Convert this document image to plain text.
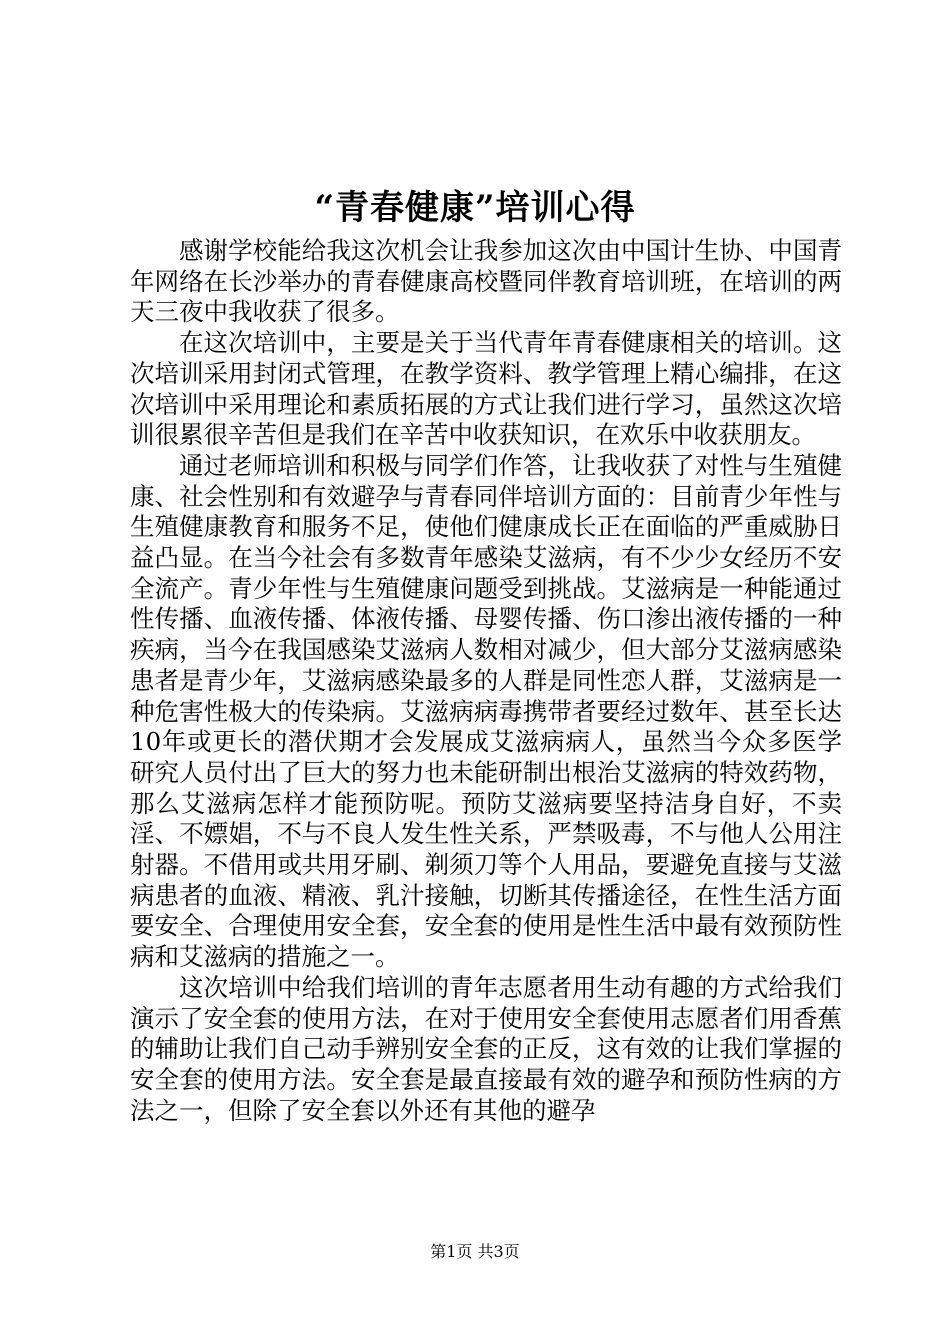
“青春健康”培训心得

感谢学校能给我这次机会让我参加这次由中国计生协、中国青年网络在长沙举办的青春健康高校暨同伴教育培训班，在培训的两天三夜中我收获了很多。

在这次培训中，主要是关于当代青年青春健康相关的培训。这次培训采用封闭式管理，在教学资料、教学管理上精心编排，在这次培训中采用理论和素质拓展的方式让我们进行学习，虽然这次培训很累很辛苦但是我们在辛苦中收获知识，在欢乐中收获朋友。

通过老师培训和积极与同学们作答，让我收获了对性与生殖健康、社会性别和有效避孕与青春同伴培训方面的：目前青少年性与生殖健康教育和服务不足，使他们健康成长正在面临的严重威胁日益凸显。在当今社会有多数青年感染艾滋病，有不少少女经历不安全流产。青少年性与生殖健康问题受到挑战。艾滋病是一种能通过性传播、血液传播、体液传播、母婴传播、伤口渗出液传播的一种疾病，当今在我国感染艾滋病人数相对减少，但大部分艾滋病感染患者是青少年，艾滋病感染最多的人群是同性恋人群，艾滋病是一种危害性极大的传染病。艾滋病病毒携带者要经过数年、甚至长达10年或更长的潜伏期才会发展成艾滋病病人，虽然当今众多医学研究人员付出了巨大的努力也未能研制出根治艾滋病的特效药物，那么艾滋病怎样才能预防呢。预防艾滋病要坚持洁身自好，不卖淫、不嫖娼，不与不良人发生性关系，严禁吸毒，不与他人公用注射器。不借用或共用牙刷、剃须刀等个人用品，要避免直接与艾滋病患者的血液、精液、乳汁接触，切断其传播途径，在性生活方面要安全、合理使用安全套，安全套的使用是性生活中最有效预防性病和艾滋病的措施之一。

这次培训中给我们培训的青年志愿者用生动有趣的方式给我们演示了安全套的使用方法，在对于使用安全套使用志愿者们用香蕉的辅助让我们自己动手辨别安全套的正反，这有效的让我们掌握的安全套的使用方法。安全套是最直接最有效的避孕和预防性病的方法之一，但除了安全套以外还有其他的避孕

第1页 共3页
